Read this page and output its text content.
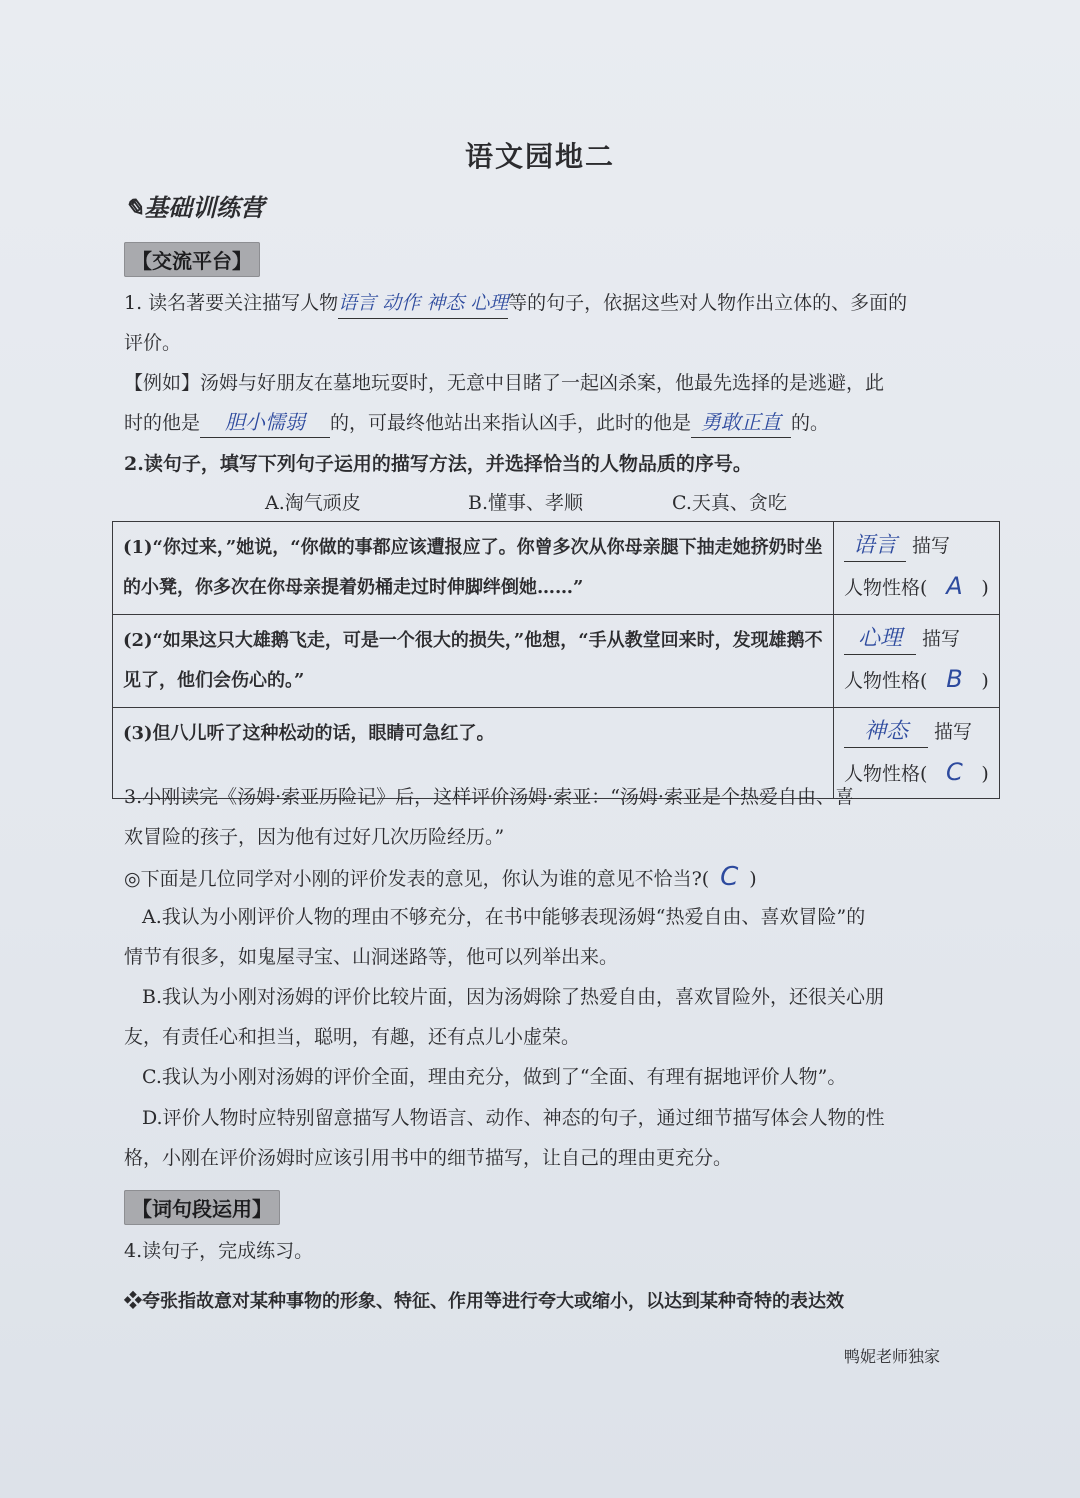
语文园地二
✎基础训练营
【交流平台】
1. 读名著要关注描写人物语言 动作 神态 心理等的句子，依据这些对人物作出立体的、多面的
评价。
【例如】汤姆与好朋友在墓地玩耍时，无意中目睹了一起凶杀案，他最先选择的是逃避，此
时的他是 胆小懦弱 的，可最终他站出来指认凶手，此时的他是 勇敢正直 的。
2.读句子，填写下列句子运用的描写方法，并选择恰当的人物品质的序号。
A.淘气顽皮	B.懂事、孝顺	C.天真、贪吃
(1)“你过来，”她说，“你做的事都应该遭报应了。你曾多次从你母亲腿下抽走她挤奶时坐的小凳，你多次在你母亲提着奶桶走过时伸脚绊倒她……”	语言 描写
人物性格( A )

(2)“如果这只大雄鹅飞走，可是一个很大的损失，”他想，“手从教堂回来时，发现雄鹅不见了，他们会伤心的。”	心理 描写
人物性格( B )

(3)但八儿听了这种松动的话，眼睛可急红了。	神态 描写
人物性格( C )
3.小刚读完《汤姆·索亚历险记》后，这样评价汤姆·索亚：“汤姆·索亚是个热爱自由、喜
欢冒险的孩子，因为他有过好几次历险经历。”
◎下面是几位同学对小刚的评价发表的意见，你认为谁的意见不恰当?( C )
A.我认为小刚评价人物的理由不够充分，在书中能够表现汤姆“热爱自由、喜欢冒险”的
情节有很多，如鬼屋寻宝、山洞迷路等，他可以列举出来。
B.我认为小刚对汤姆的评价比较片面，因为汤姆除了热爱自由，喜欢冒险外，还很关心朋
友，有责任心和担当，聪明，有趣，还有点儿小虚荣。
C.我认为小刚对汤姆的评价全面，理由充分，做到了“全面、有理有据地评价人物”。
D.评价人物时应特别留意描写人物语言、动作、神态的句子，通过细节描写体会人物的性
格，小刚在评价汤姆时应该引用书中的细节描写，让自己的理由更充分。
【词句段运用】
4.读句子，完成练习。
❖夸张指故意对某种事物的形象、特征、作用等进行夸大或缩小，以达到某种奇特的表达效
鸭妮老师独家
